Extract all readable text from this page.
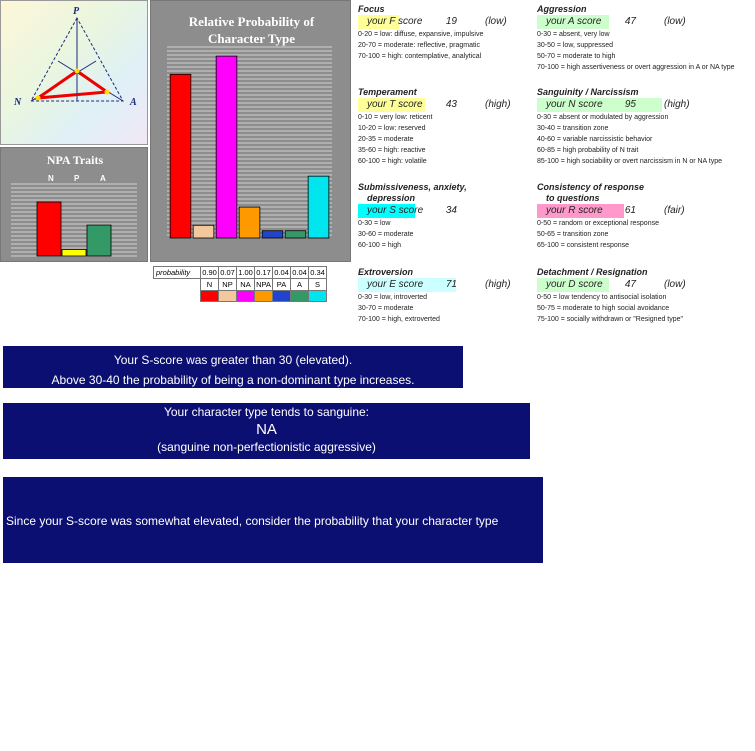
P
N	A
NPA Traits
N	P	A
Relative Probability of
Character Type
probability	0.90	0.07	1.00	0.17	0.04	0.04	0.34
	N	NP	NA	NPA	PA	A	S

Focus
your F score 19	(low)
0-20 = low: diffuse, expansive, impulsive
20-70 = moderate: reflective, pragmatic
70-100 = high: contemplative, analytical
Aggression
your A score 47	(low)
0-30 = absent, very low
30-50 = low, suppressed
50-70 = moderate to high
70-100 = high assertiveness or overt aggression in A or NA type
Temperament
your T score 43	(high)
0-10 = very low: reticent
10-20 = low: reserved
20-35 = moderate
35-60 = high: reactive
60-100 = high: volatile
Sanguinity / Narcissism
your N score 95	(high)
0-30 = absent or modulated by aggression
30-40 = transition zone
40-60 = variable narcissistic behavior
60-85 = high probability of N trait
85-100 = high sociability or overt narcissism in N or NA type
Submissiveness, anxiety,
depression
your S score 34
0-30 = low
30-60 = moderate
60-100 = high
Consistency of response
to questions
your R score 61	(fair)
0-50 = random or exceptional response
50-65 = transition zone
65-100 = consistent response
Extroversion
your E score 71	(high)
0-30 = low, introverted
30-70 = moderate
70-100 = high, extroverted
Detachment / Resignation
your D score 47	(low)
0-50 = low tendency to antisocial isolation
50-75 = moderate to high social avoidance
75-100 = socially withdrawn or "Resigned type"
Your S-score was greater than 30 (elevated).
Above 30-40 the probability of being a non-dominant type increases.
Your character type tends to sanguine:
NA
(sanguine non-perfectionistic aggressive)

Since your S-score was somewhat elevated, consider the probability that your character type

is a variant sanguine aggressive type:

Sanguine aggressive with tendency to passive aggressive (type NA- or NA=).

Consider also the possibility of N character type.

? predisposition to impulse-control disorder or ADHD.
